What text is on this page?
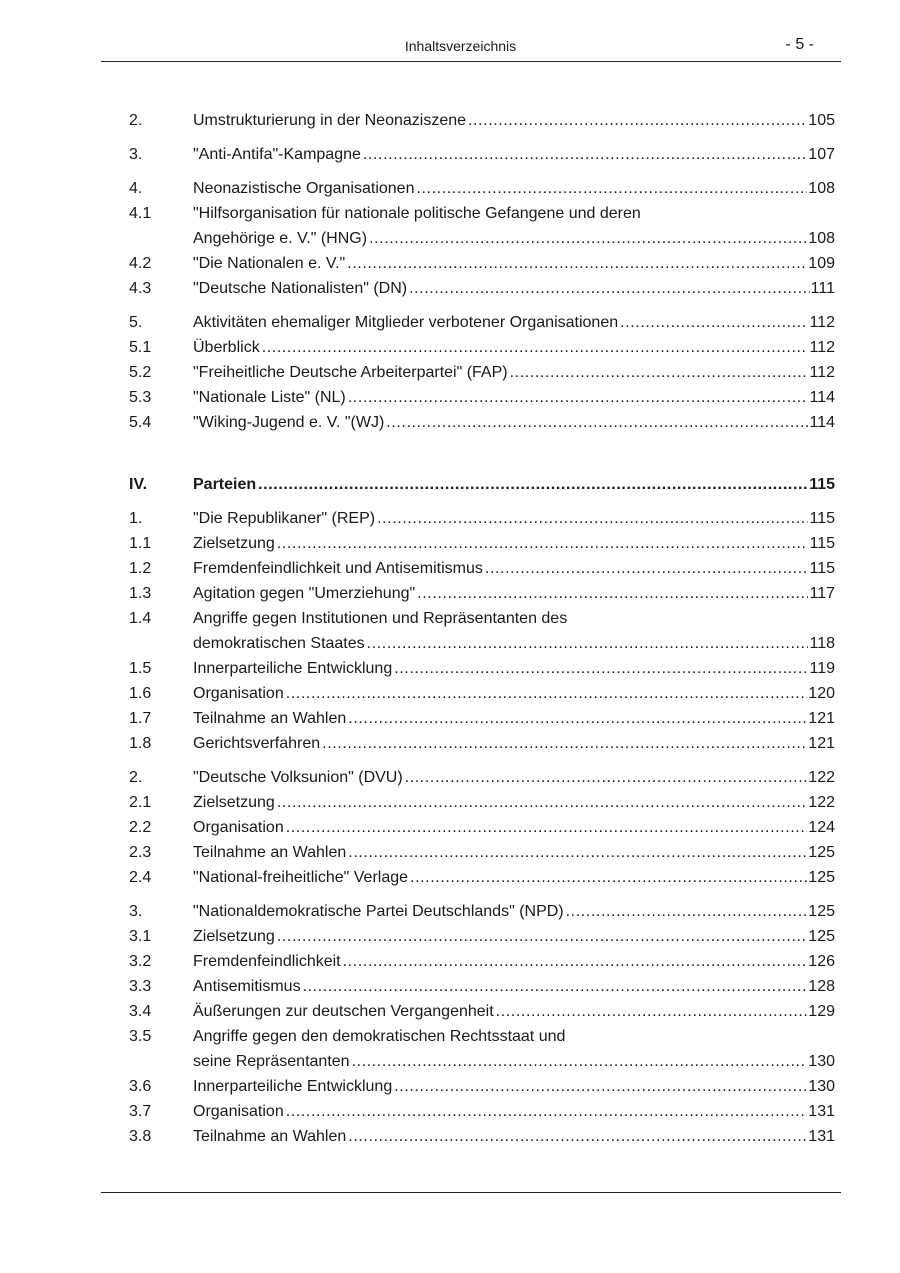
Inhaltsverzeichnis	- 5 -
2.	Umstrukturierung in der Neonaziszene .....	105
3.	"Anti-Antifa"-Kampagne .....	107
4.	Neonazistische Organisationen .....	108
4.1	"Hilfsorganisation für nationale politische Gefangene und deren
Angehörige e. V." (HNG) .....	108
4.2	"Die Nationalen e. V." .....	109
4.3	"Deutsche Nationalisten" (DN) .....	111
5.	Aktivitäten ehemaliger Mitglieder verbotener Organisationen .....	112
5.1	Überblick .....	112
5.2	"Freiheitliche Deutsche Arbeiterpartei" (FAP) .....	112
5.3	"Nationale Liste" (NL) .....	114
5.4	"Wiking-Jugend e. V. "(WJ) .....	114
IV.	Parteien .....	115
1.	"Die Republikaner" (REP) .....	115
1.1	Zielsetzung .....	115
1.2	Fremdenfeindlichkeit und Antisemitismus .....	115
1.3	Agitation gegen "Umerziehung" .....	117
1.4	Angriffe gegen Institutionen und Repräsentanten des
demokratischen Staates .....	118
1.5	Innerparteiliche Entwicklung .....	119
1.6	Organisation .....	120
1.7	Teilnahme an Wahlen .....	121
1.8	Gerichtsverfahren .....	121
2.	"Deutsche Volksunion" (DVU) .....	122
2.1	Zielsetzung .....	122
2.2	Organisation .....	124
2.3	Teilnahme an Wahlen .....	125
2.4	"National-freiheitliche" Verlage .....	125
3.	"Nationaldemokratische Partei Deutschlands" (NPD) .....	125
3.1	Zielsetzung .....	125
3.2	Fremdenfeindlichkeit .....	126
3.3	Antisemitismus .....	128
3.4	Äußerungen zur deutschen Vergangenheit .....	129
3.5	Angriffe gegen den demokratischen Rechtsstaat und
seine Repräsentanten .....	130
3.6	Innerparteiliche Entwicklung .....	130
3.7	Organisation .....	131
3.8	Teilnahme an Wahlen .....	131
